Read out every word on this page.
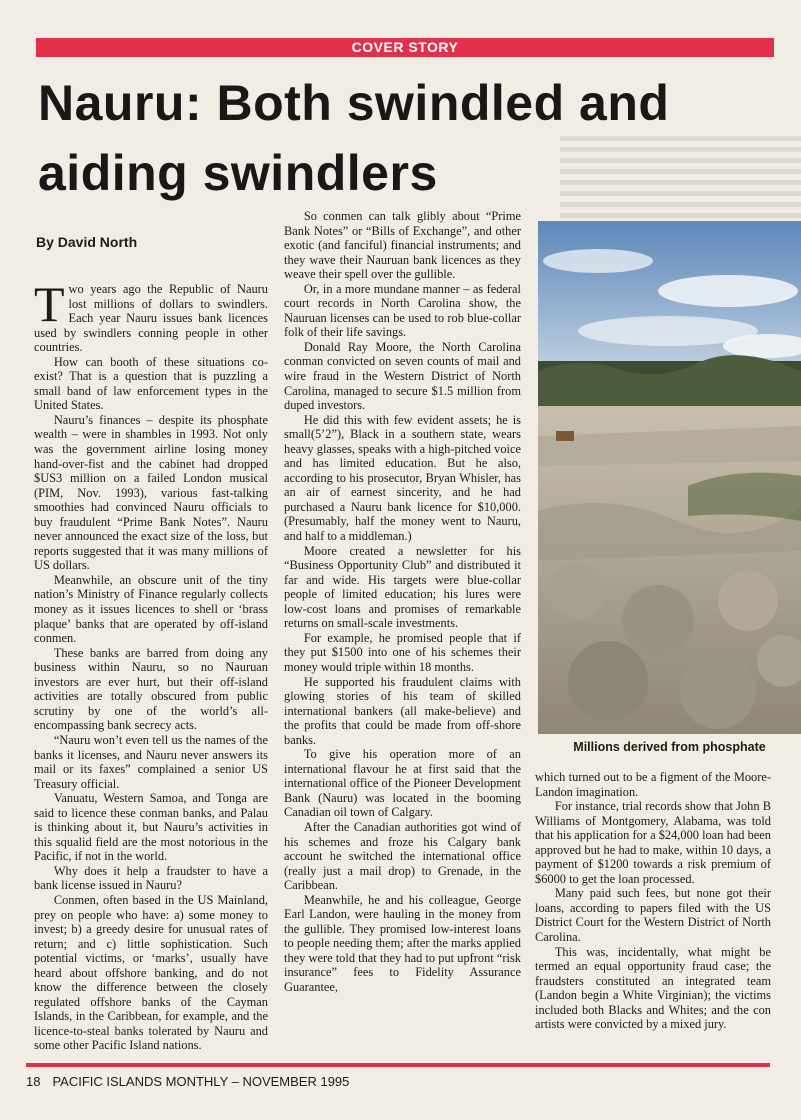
COVER STORY

Nauru: Both swindled and aiding swindlers
By David North

Two years ago the Republic of Nauru lost millions of dollars to swindlers. Each year Nauru issues bank licences used by swindlers conning people in other countries.

How can booth of these situations co-exist? That is a question that is puzzling a small band of law enforcement types in the United States.

Nauru’s finances – despite its phosphate wealth – were in shambles in 1993. Not only was the government airline losing money hand-over-fist and the cabinet had dropped $US3 million on a failed London musical (PIM, Nov. 1993), various fast-talking smoothies had convinced Nauru officials to buy fraudulent “Prime Bank Notes”. Nauru never announced the exact size of the loss, but reports suggested that it was many millions of US dollars.

Meanwhile, an obscure unit of the tiny nation’s Ministry of Finance regularly collects money as it issues licences to shell or ‘brass plaque’ banks that are operated by off-island conmen.

These banks are barred from doing any business within Nauru, so no Nauruan investors are ever hurt, but their off-island activities are totally obscured from public scrutiny by one of the world’s all-encompassing bank secrecy acts.

“Nauru won’t even tell us the names of the banks it licenses, and Nauru never answers its mail or its faxes” complained a senior US Treasury official.

Vanuatu, Western Samoa, and Tonga are said to licence these conman banks, and Palau is thinking about it, but Nauru’s activities in this squalid field are the most notorious in the Pacific, if not in the world.

Why does it help a fraudster to have a bank license issued in Nauru?

Conmen, often based in the US Mainland, prey on people who have: a) some money to invest; b) a greedy desire for unusual rates of return; and c) little sophistication. Such potential victims, or ‘marks’, usually have heard about offshore banking, and do not know the difference between the closely regulated offshore banks of the Cayman Islands, in the Caribbean, for example, and the licence-to-steal banks tolerated by Nauru and some other Pacific Island nations.

So conmen can talk glibly about “Prime Bank Notes” or “Bills of Exchange”, and other exotic (and fanciful) financial instruments; and they wave their Nauruan bank licences as they weave their spell over the gullible.

Or, in a more mundane manner – as federal court records in North Carolina show, the Nauruan licenses can be used to rob blue-collar folk of their life savings.

Donald Ray Moore, the North Carolina conman convicted on seven counts of mail and wire fraud in the Western District of North Carolina, managed to secure $1.5 million from duped investors.

He did this with few evident assets; he is small(5’2”), Black in a southern state, wears heavy glasses, speaks with a high-pitched voice and has limited education. But he also, according to his prosecutor, Bryan Whisler, has an air of earnest sincerity, and he had purchased a Nauru bank licence for $10,000. (Presumably, half the money went to Nauru, and half to a middleman.)

Moore created a newsletter for his “Business Opportunity Club” and distributed it far and wide. His targets were blue-collar people of limited education; his lures were low-cost loans and promises of remarkable returns on small-scale investments.

For example, he promised people that if they put $1500 into one of his schemes their money would triple within 18 months.

He supported his fraudulent claims with glowing stories of his team of skilled international bankers (all make-believe) and the profits that could be made from off-shore banks.

To give his operation more of an international flavour he at first said that the international office of the Pioneer Development Bank (Nauru) was located in the booming Canadian oil town of Calgary.

After the Canadian authorities got wind of his schemes and froze his Calgary bank account he switched the international office (really just a mail drop) to Grenade, in the Caribbean.

Meanwhile, he and his colleague, George Earl Landon, were hauling in the money from the gullible. They promised low-interest loans to people needing them; after the marks applied they were told that they had to put upfront “risk insurance” fees to Fidelity Assurance Guarantee,

Millions derived from phosphate

which turned out to be a figment of the Moore-Landon imagination.

For instance, trial records show that John B Williams of Montgomery, Alabama, was told that his application for a $24,000 loan had been approved but he had to make, within 10 days, a payment of $1200 towards a risk premium of $6000 to get the loan processed.

Many paid such fees, but none got their loans, according to papers filed with the US District Court for the Western District of North Carolina.

This was, incidentally, what might be termed an equal opportunity fraud case; the fraudsters constituted an integrated team (Landon begin a White Virginian); the victims included both Blacks and Whites; and the con artists were convicted by a mixed jury.

18 PACIFIC ISLANDS MONTHLY – NOVEMBER 1995
